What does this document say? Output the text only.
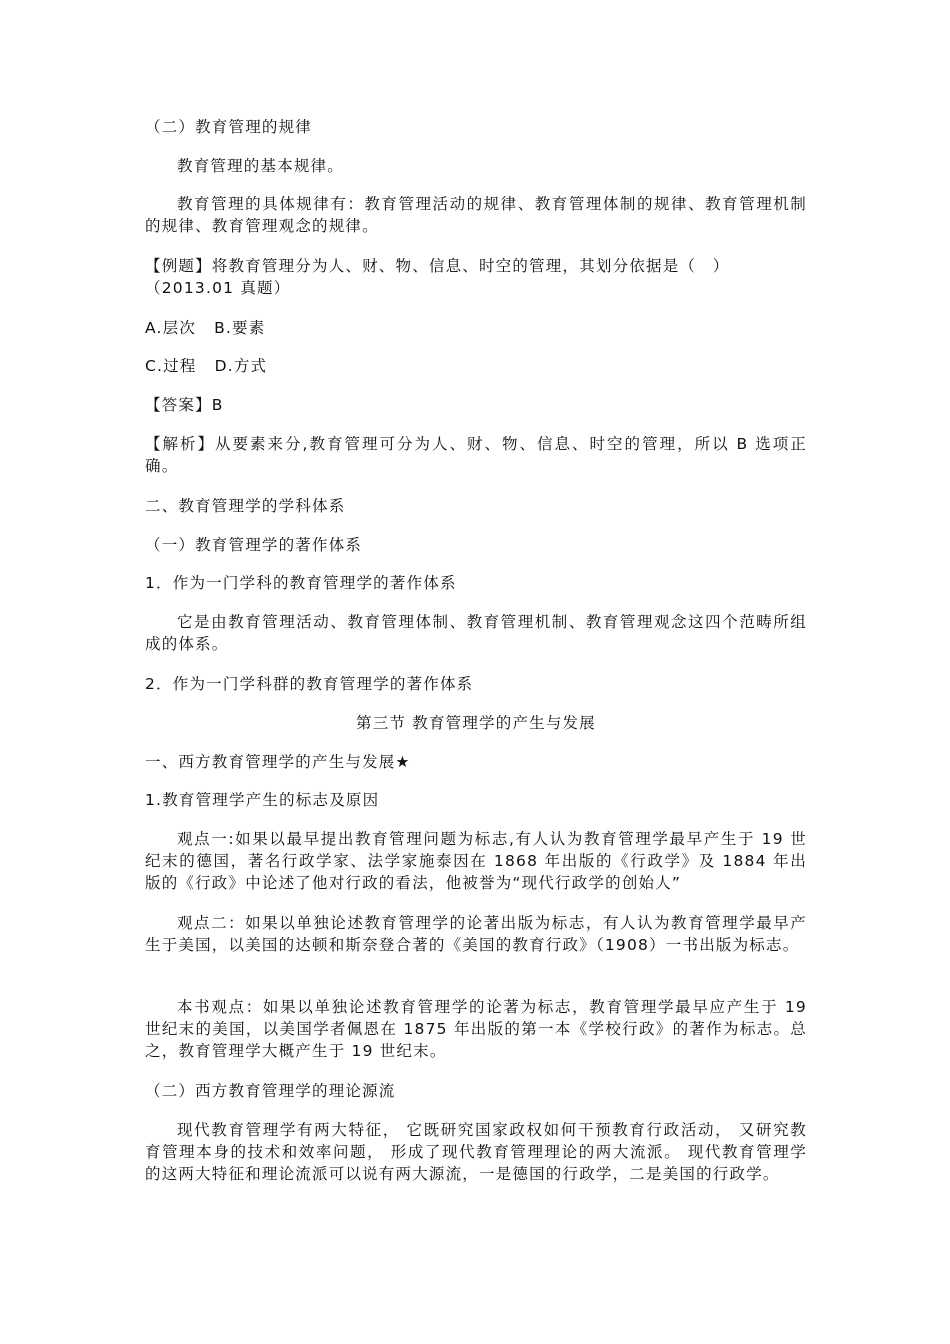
（二）教育管理的规律
教育管理的基本规律。
教育管理的具体规律有：教育管理活动的规律、教育管理体制的规律、教育管理机制的规律、教育管理观念的规律。
【例题】将教育管理分为人、财、物、信息、时空的管理，其划分依据是（　）
（2013.01 真题）
A.层次 B.要素
C.过程 D.方式
【答案】B
【解析】从要素来分,教育管理可分为人、财、物、信息、时空的管理，所以 B 选项正确。
二、教育管理学的学科体系
（一）教育管理学的著作体系
1．作为一门学科的教育管理学的著作体系
它是由教育管理活动、教育管理体制、教育管理机制、教育管理观念这四个范畴所组成的体系。
2．作为一门学科群的教育管理学的著作体系
第三节 教育管理学的产生与发展
一、西方教育管理学的产生与发展★
1.教育管理学产生的标志及原因
观点一:如果以最早提出教育管理问题为标志,有人认为教育管理学最早产生于 19 世纪末的德国，著名行政学家、法学家施泰因在 1868 年出版的《行政学》及 1884 年出版的《行政》中论述了他对行政的看法，他被誉为“现代行政学的创始人”
观点二：如果以单独论述教育管理学的论著出版为标志，有人认为教育管理学最早产生于美国，以美国的达顿和斯奈登合著的《美国的教育行政》（1908）一书出版为标志。
本书观点：如果以单独论述教育管理学的论著为标志，教育管理学最早应产生于 19 世纪末的美国，以美国学者佩恩在 1875 年出版的第一本《学校行政》的著作为标志。总之，教育管理学大概产生于 19 世纪末。
（二）西方教育管理学的理论源流
现代教育管理学有两大特征， 它既研究国家政权如何干预教育行政活动， 又研究教育管理本身的技术和效率问题， 形成了现代教育管理理论的两大流派。 现代教育管理学的这两大特征和理论流派可以说有两大源流，一是德国的行政学，二是美国的行政学。
